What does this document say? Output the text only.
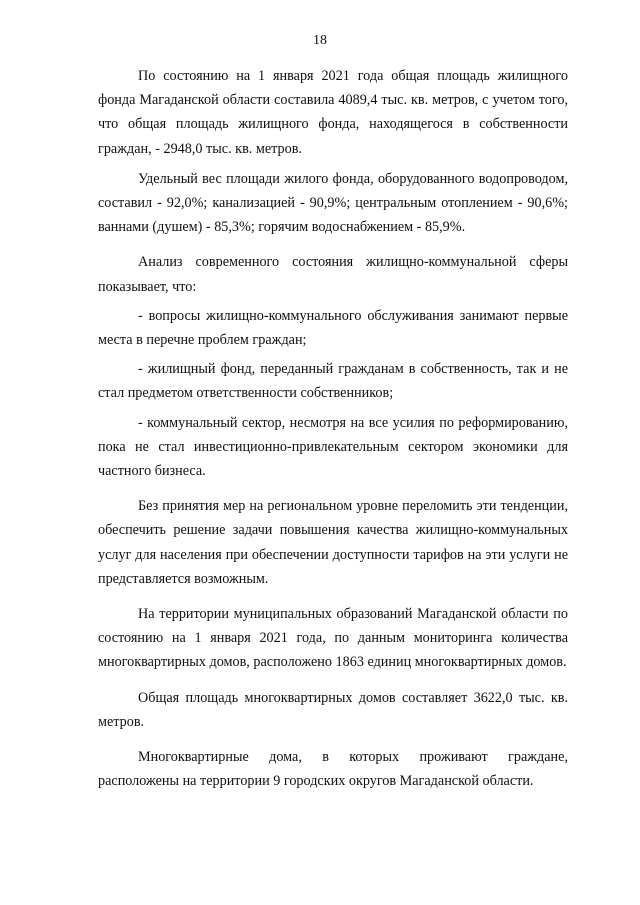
18

По состоянию на 1 января 2021 года общая площадь жилищного фонда Магаданской области составила 4089,4 тыс. кв. метров, с учетом того, что общая площадь жилищного фонда, находящегося в собственности граждан, - 2948,0 тыс. кв. метров.

Удельный вес площади жилого фонда, оборудованного водопроводом, составил - 92,0%; канализацией - 90,9%; центральным отоплением - 90,6%; ваннами (душем) - 85,3%; горячим водоснабжением - 85,9%.

Анализ современного состояния жилищно-коммунальной сферы показывает, что:

- вопросы жилищно-коммунального обслуживания занимают первые места в перечне проблем граждан;

- жилищный фонд, переданный гражданам в собственность, так и не стал предметом ответственности собственников;

- коммунальный сектор, несмотря на все усилия по реформированию, пока не стал инвестиционно-привлекательным сектором экономики для частного бизнеса.

Без принятия мер на региональном уровне переломить эти тенденции, обеспечить решение задачи повышения качества жилищно-коммунальных услуг для населения при обеспечении доступности тарифов на эти услуги не представляется возможным.

На территории муниципальных образований Магаданской области по состоянию на 1 января 2021 года, по данным мониторинга количества многоквартирных домов, расположено 1863 единиц многоквартирных домов.

Общая площадь многоквартирных домов составляет 3622,0 тыс. кв. метров.

Многоквартирные дома, в которых проживают граждане, расположены на территории 9 городских округов Магаданской области.
